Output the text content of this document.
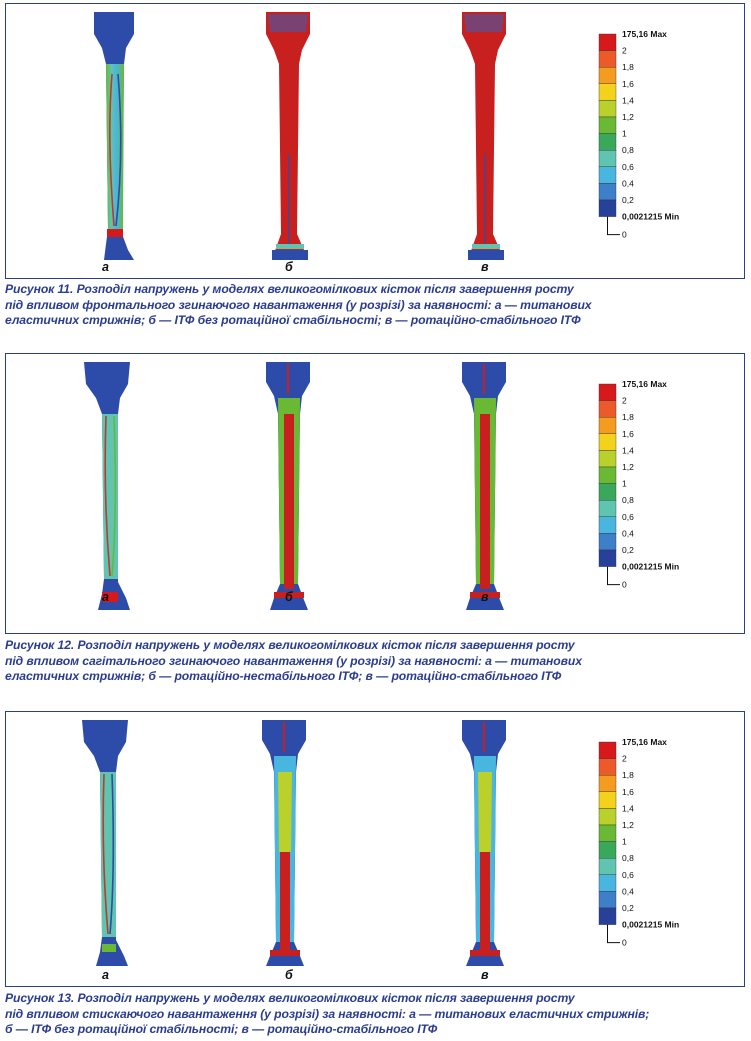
175,16 Max
2
1,8
1,6
1,4
1,2
1
0,8
0,6
0,4
0,2
0,0021215 Min
0
а	б	в
Рисунок 11. Розподіл напружень у моделях великогомілкових кісток після завершення росту
під впливом фронтального згинаючого навантаження (у розрізі) за наявності: а — титанових
еластичних стрижнів; б — ІТФ без ротаційної стабільності; в — ротаційно-стабільного ІТФ
175,16 Max
2
1,8
1,6
1,4
1,2
1
0,8
0,6
0,4
0,2
0,0021215 Min
0
а	б	в
Рисунок 12. Розподіл напружень у моделях великогомілкових кісток після завершення росту
під впливом сагітального згинаючого навантаження (у розрізі) за наявності: а — титанових
еластичних стрижнів; б — ротаційно-нестабільного ІТФ; в — ротаційно-стабільного ІТФ
175,16 Max
2
1,8
1,6
1,4
1,2
1
0,8
0,6
0,4
0,2
0,0021215 Min
0
а	б	в
Рисунок 13. Розподіл напружень у моделях великогомілкових кісток після завершення росту
під впливом стискаючого навантаження (у розрізі) за наявності: а — титанових еластичних стрижнів;
б — ІТФ без ротаційної стабільності; в — ротаційно-стабільного ІТФ
